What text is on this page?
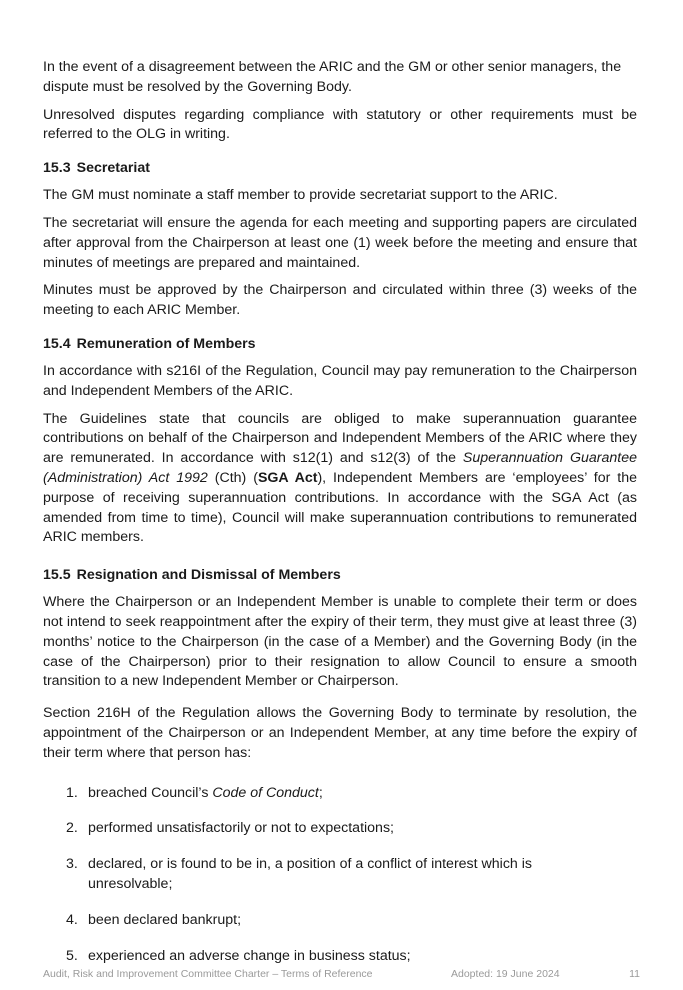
In the event of a disagreement between the ARIC and the GM or other senior managers, the dispute must be resolved by the Governing Body.

Unresolved disputes regarding compliance with statutory or other requirements must be referred to the OLG in writing.

15.3 Secretariat

The GM must nominate a staff member to provide secretariat support to the ARIC.

The secretariat will ensure the agenda for each meeting and supporting papers are circulated after approval from the Chairperson at least one (1) week before the meeting and ensure that minutes of meetings are prepared and maintained.

Minutes must be approved by the Chairperson and circulated within three (3) weeks of the meeting to each ARIC Member.

15.4 Remuneration of Members

In accordance with s216I of the Regulation, Council may pay remuneration to the Chairperson and Independent Members of the ARIC.

The Guidelines state that councils are obliged to make superannuation guarantee contributions on behalf of the Chairperson and Independent Members of the ARIC where they are remunerated. In accordance with s12(1) and s12(3) of the Superannuation Guarantee (Administration) Act 1992 (Cth) (SGA Act), Independent Members are ‘employees’ for the purpose of receiving superannuation contributions. In accordance with the SGA Act (as amended from time to time), Council will make superannuation contributions to remunerated ARIC members.

15.5 Resignation and Dismissal of Members

Where the Chairperson or an Independent Member is unable to complete their term or does not intend to seek reappointment after the expiry of their term, they must give at least three (3) months’ notice to the Chairperson (in the case of a Member) and the Governing Body (in the case of the Chairperson) prior to their resignation to allow Council to ensure a smooth transition to a new Independent Member or Chairperson.

Section 216H of the Regulation allows the Governing Body to terminate by resolution, the appointment of the Chairperson or an Independent Member, at any time before the expiry of their term where that person has:

1. breached Council’s Code of Conduct;
2. performed unsatisfactorily or not to expectations;
3. declared, or is found to be in, a position of a conflict of interest which is unresolvable;
4. been declared bankrupt;
5. experienced an adverse change in business status;
Audit, Risk and Improvement Committee Charter – Terms of Reference	Adopted: 19 June 2024	11
